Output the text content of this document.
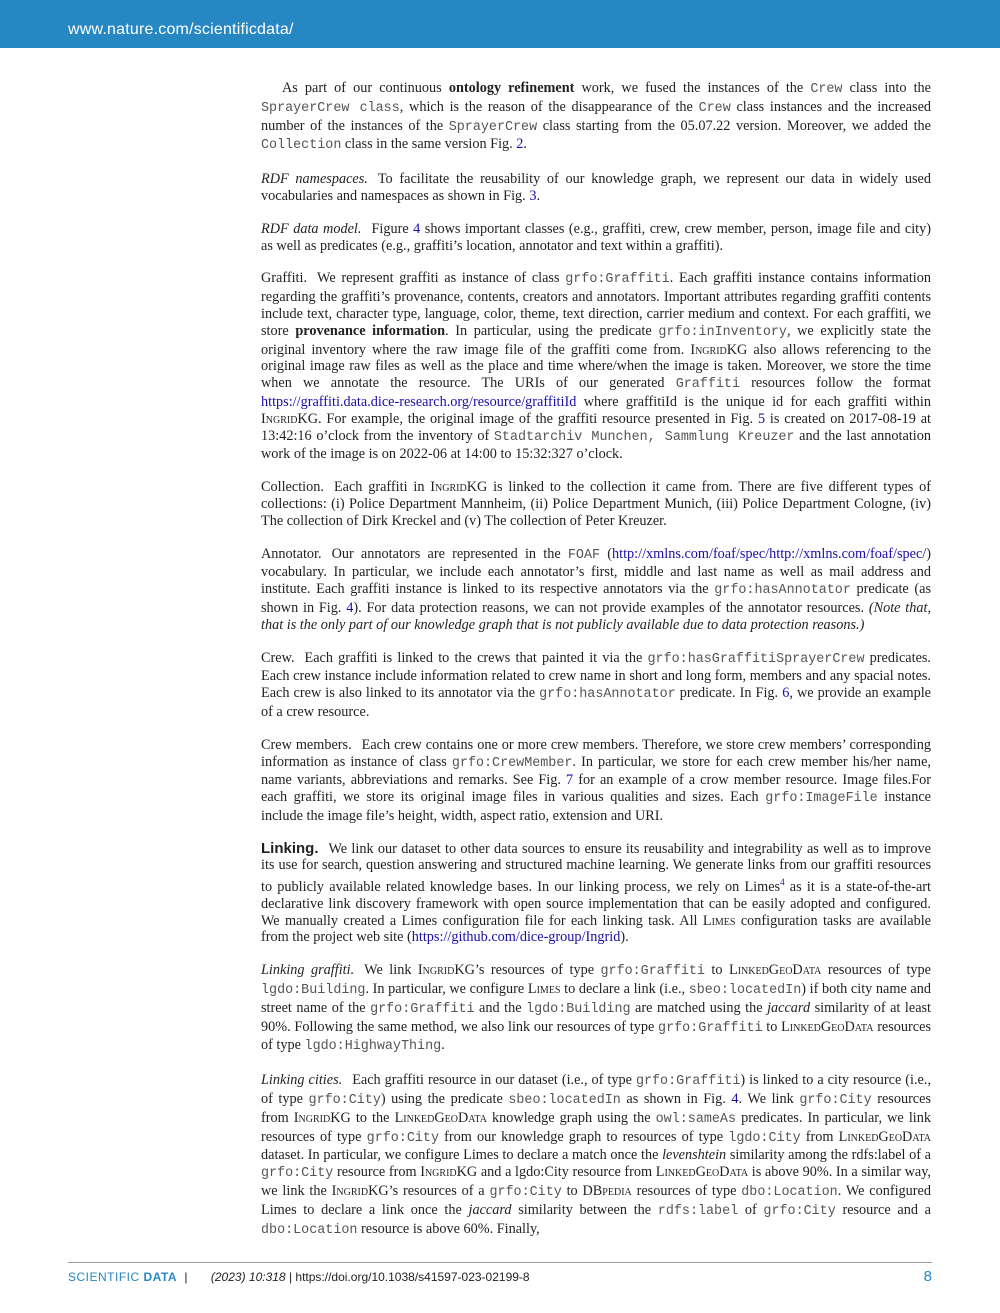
www.nature.com/scientificdata/

As part of our continuous ontology refinement work, we fused the instances of the Crew class into the SprayerCrew class, which is the reason of the disappearance of the Crew class instances and the increased number of the instances of the SprayerCrew class starting from the 05.07.22 version. Moreover, we added the Collection class in the same version Fig. 2.

RDF namespaces. To facilitate the reusability of our knowledge graph, we represent our data in widely used vocabularies and namespaces as shown in Fig. 3.

RDF data model. Figure 4 shows important classes (e.g., graffiti, crew, crew member, person, image file and city) as well as predicates (e.g., graffiti’s location, annotator and text within a graffiti).

Graffiti. We represent graffiti as instance of class grfo:Graffiti. Each graffiti instance contains information regarding the graffiti’s provenance, contents, creators and annotators. Important attributes regarding graffiti contents include text, character type, language, color, theme, text direction, carrier medium and context. For each graffiti, we store provenance information. In particular, using the predicate grfo:inInventory, we explicitly state the original inventory where the raw image file of the graffiti come from. IngridKG also allows referencing to the original image raw files as well as the place and time where/when the image is taken. Moreover, we store the time when we annotate the resource. The URIs of our generated Graffiti resources follow the format https://graffiti.data.dice-research.org/resource/graffitiId where graffitiId is the unique id for each graffiti within IngridKG. For example, the original image of the graffiti resource presented in Fig. 5 is created on 2017-08-19 at 13:42:16 o’clock from the inventory of Stadtarchiv Munchen, Sammlung Kreuzer and the last annotation work of the image is on 2022-06 at 14:00 to 15:32:327 o’clock.

Collection. Each graffiti in IngridKG is linked to the collection it came from. There are five different types of collections: (i) Police Department Mannheim, (ii) Police Department Munich, (iii) Police Department Cologne, (iv) The collection of Dirk Kreckel and (v) The collection of Peter Kreuzer.

Annotator. Our annotators are represented in the FOAF (http://xmlns.com/foaf/spec/http://xmlns.com/foaf/spec/) vocabulary. In particular, we include each annotator’s first, middle and last name as well as mail address and institute. Each graffiti instance is linked to its respective annotators via the grfo:hasAnnotator predicate (as shown in Fig. 4). For data protection reasons, we can not provide examples of the annotator resources. (Note that, that is the only part of our knowledge graph that is not publicly available due to data protection reasons.)

Crew. Each graffiti is linked to the crews that painted it via the grfo:hasGraffitiSprayerCrew predicates. Each crew instance include information related to crew name in short and long form, members and any spacial notes. Each crew is also linked to its annotator via the grfo:hasAnnotator predicate. In Fig. 6, we provide an example of a crew resource.

Crew members. Each crew contains one or more crew members. Therefore, we store crew members’ corresponding information as instance of class grfo:CrewMember. In particular, we store for each crew member his/her name, name variants, abbreviations and remarks. See Fig. 7 for an example of a crow member resource. Image files.For each graffiti, we store its original image files in various qualities and sizes. Each grfo:ImageFile instance include the image file’s height, width, aspect ratio, extension and URI.

Linking. We link our dataset to other data sources to ensure its reusability and integrability as well as to improve its use for search, question answering and structured machine learning. We generate links from our graffiti resources to publicly available related knowledge bases. In our linking process, we rely on Limes$^4$ as it is a state-of-the-art declarative link discovery framework with open source implementation that can be easily adopted and configured. We manually created a Limes configuration file for each linking task. All Limes configuration tasks are available from the project web site (https://github.com/dice-group/Ingrid).

Linking graffiti. We link IngridKG’s resources of type grfo:Graffiti to LinkedGeoData resources of type lgdo:Building. In particular, we configure Limes to declare a link (i.e., sbeo:locatedIn) if both city name and street name of the grfo:Graffiti and the lgdo:Building are matched using the jaccard similarity of at least 90%. Following the same method, we also link our resources of type grfo:Graffiti to LinkedGeoData resources of type lgdo:HighwayThing.

Linking cities. Each graffiti resource in our dataset (i.e., of type grfo:Graffiti) is linked to a city resource (i.e., of type grfo:City) using the predicate sbeo:locatedIn as shown in Fig. 4. We link grfo:City resources from IngridKG to the LinkedGeoData knowledge graph using the owl:sameAs predicates. In particular, we link resources of type grfo:City from our knowledge graph to resources of type lgdo:City from LinkedGeoData dataset. In particular, we configure Limes to declare a match once the levenshtein similarity among the rdfs:label of a grfo:City resource from IngridKG and a lgdo:City resource from LinkedGeoData is above 90%. In a similar way, we link the IngridKG’s resources of a grfo:City to DBpedia resources of type dbo:Location. We configured Limes to declare a link once the jaccard similarity between the rdfs:label of grfo:City resource and a dbo:Location resource is above 60%. Finally,

SCIENTIFIC DATA | (2023) 10:318 | https://doi.org/10.1038/s41597-023-02199-8	8
